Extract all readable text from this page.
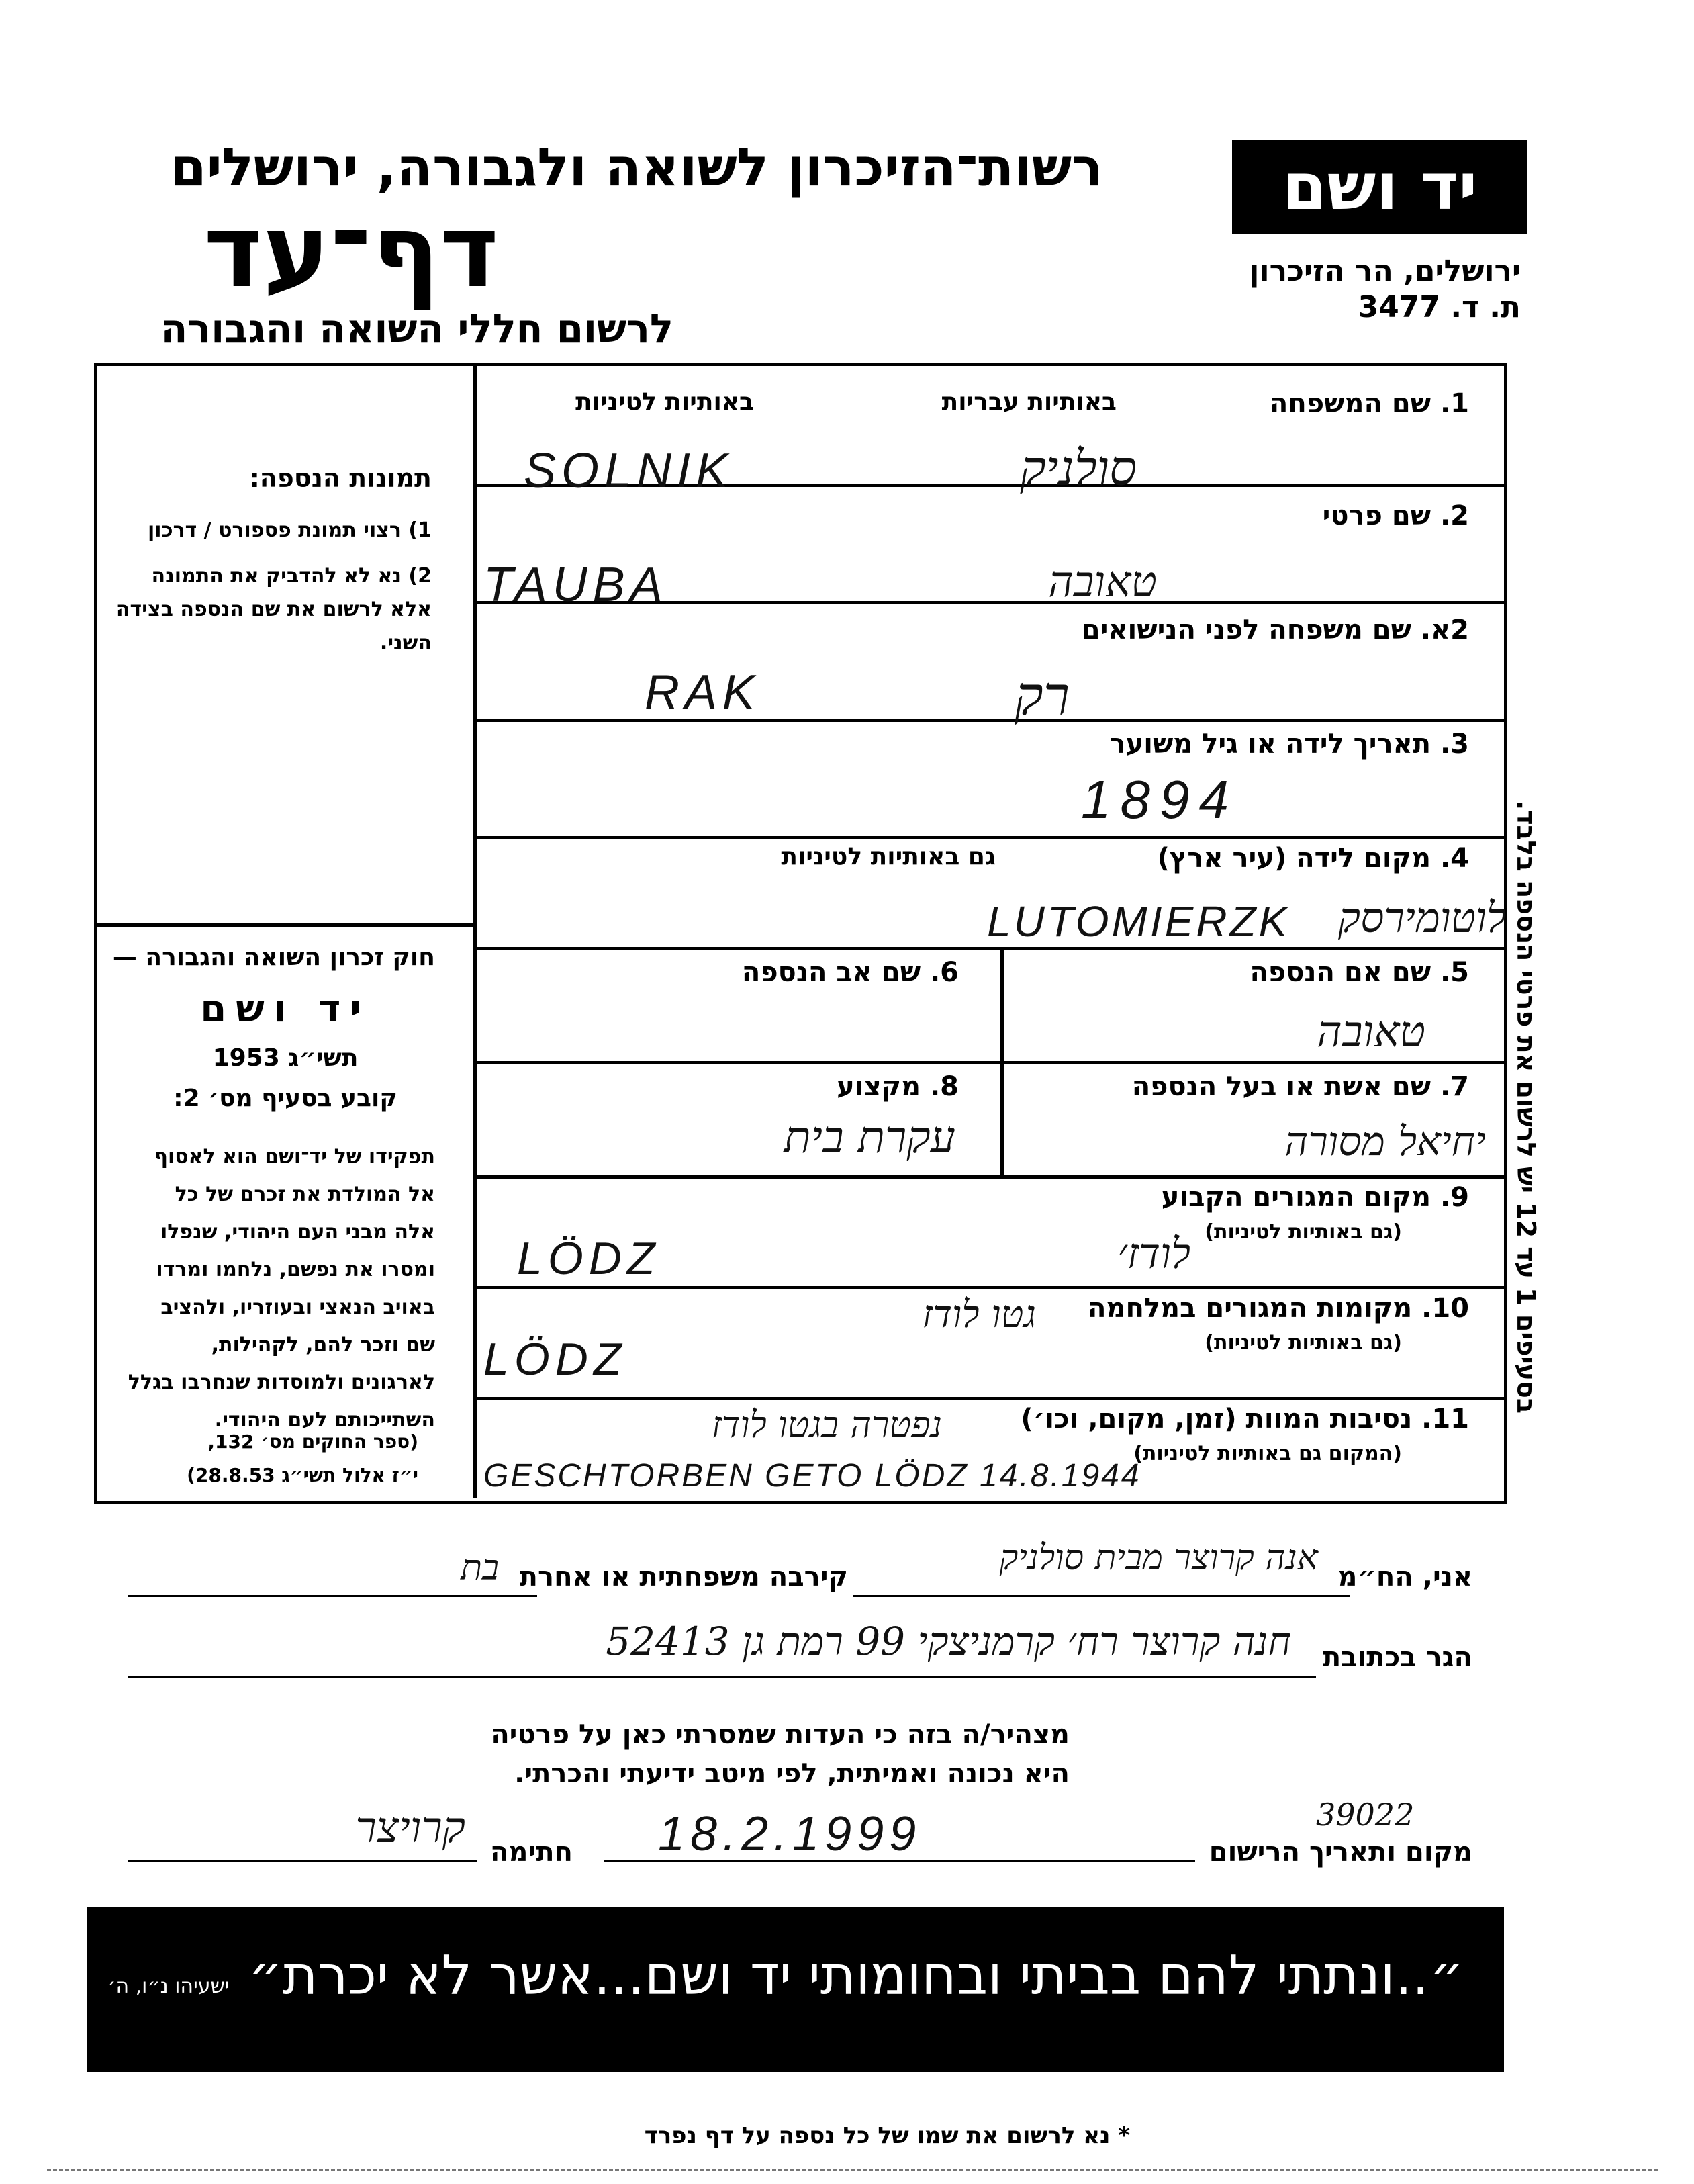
רשות־הזיכרון לשואה ולגבורה, ירושלים
דף־עד
לרשום חללי השואה והגבורה
יד ושם
ירושלים, הר הזיכרון
ת. ד. 3477
תמונות הנספה:
1) רצוי תמונת פספורט / דרכון
2) נא לא להדביק את התמונה
אלא לרשום את שם הנספה בצידה
השני.
חוק זכרון השואה והגבורה —
יד ושם
תשי״ג 1953
קובע בסעיף מס׳ 2:
תפקידו של יד־ושם הוא לאסוף
אל המולדת את זכרם של כל
אלה מבני העם היהודי, שנפלו
ומסרו את נפשם, נלחמו ומרדו
באויב הנאצי ובעוזריו, ולהציב
שם וזכר להם, לקהילות,
לארגונים ולמוסדות שנחרבו בגלל
השתייכותם לעם היהודי.
(ספר החוקים מס׳ 132,
י״ז אלול תשי״ג 28.8.53)
1. שם המשפחה
באותיות עבריות
באותיות לטיניות
SOLNIK	סולניק
2. שם פרטי
TAUBA	טאובה
2א. שם משפחה לפני הנישואים
RAK	רק
3. תאריך לידה או גיל משוער
1894
4. מקום לידה (עיר ארץ)
גם באותיות לטיניות
LUTOMIERZK לוטומירסק
5. שם אם הנספה
טאובה
6. שם אב הנספה
7. שם אשת או בעל הנספה
יחיאל מסורה
8. מקצוע
עקרת בית
9. מקום המגורים הקבוע
(גם באותיות לטיניות)
LÖDZ	לודז׳
10. מקומות המגורים במלחמה
(גם באותיות לטיניות)
LÖDZ
גטו לודז
11. נסיבות המוות (זמן, מקום, וכו׳)
(המקום גם באותיות לטיניות)
נפטרה בגטו לודז
GESCHTORBEN GETO LÖDZ 14.8.1944
בסעיפים 1 עד 12 יש לרשום את פרטי הנספה בלבד.
אני, הח״מ
אנה קרוצר מבית סולניק
קירבה משפחתית או אחרת
בת
הגר בכתובת
חנה קרוצר רח׳ קרמניצקי 99 רמת גן 52413
מצהיר/ה בזה כי העדות שמסרתי כאן על פרטיה
היא נכונה ואמיתית, לפי מיטב ידיעתי והכרתי.
מקום ותאריך הרישום
39022
18.2.1999
חתימה
קרויצר
״..ונתתי להם בביתי ובחומותי יד ושם...אשר לא יכרת״
ישעיהו נ״ו, ה׳
* נא לרשום את שמו של כל נספה על דף נפרד
